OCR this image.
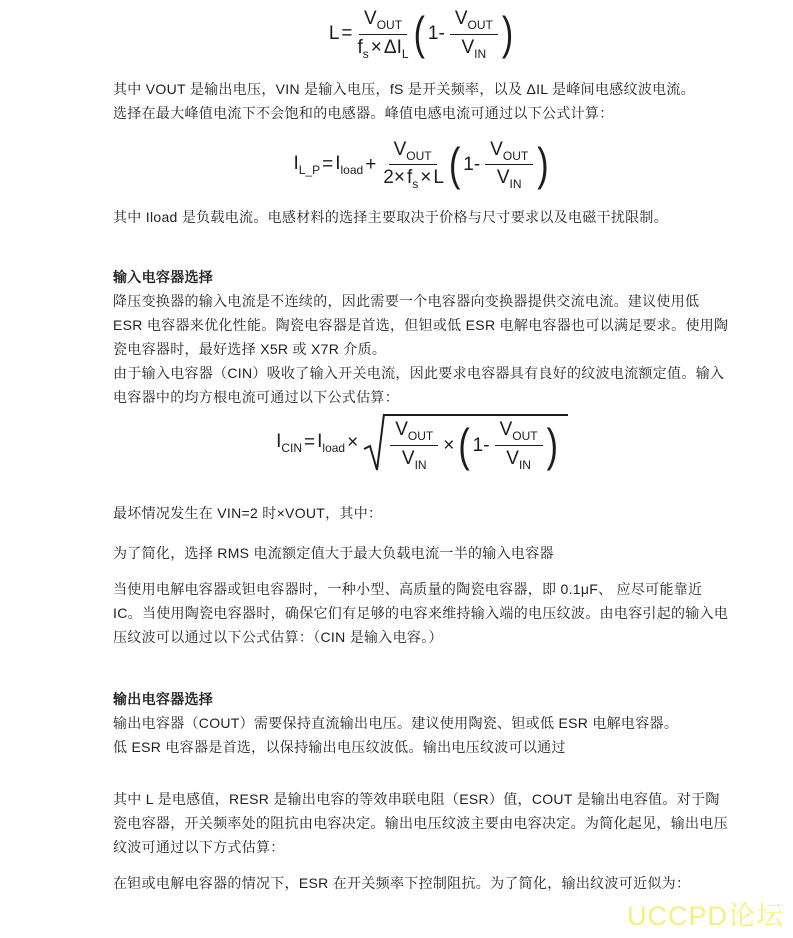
L =
$V_{OUT}$
$f_s \times \Delta I_L$ ( 1-
$V_{OUT}$
$V_{IN}$ )

其中 VOUT 是输出电压，VIN 是输入电压，fS 是开关频率，以及 ΔIL 是峰间电感纹波电流。

选择在最大峰值电流下不会饱和的电感器。峰值电感电流可通过以下公式计算：

$I_{L\_P} = I_{load}$ +
$V_{OUT}$
$2\times f_s \times L$ ( 1-
$V_{OUT}$
$V_{IN}$ )

其中 Iload 是负载电流。电感材料的选择主要取决于价格与尺寸要求以及电磁干扰限制。

输入电容器选择

降压变换器的输入电流是不连续的，因此需要一个电容器向变换器提供交流电流。建议使用低 ESR 电容器来优化性能。陶瓷电容器是首选，但钽或低 ESR 电解电容器也可以满足要求。使用陶瓷电容器时，最好选择 X5R 或 X7R 介质。

由于输入电容器（CIN）吸收了输入开关电流，因此要求电容器具有良好的纹波电流额定值。输入电容器中的均方根电流可通过以下公式估算：

$I_{CIN} = I_{load}$ ×
$V_{OUT}$
$V_{IN}$
× ( 1-
$V_{OUT}$
$V_{IN}$ )

最坏情况发生在 VIN=2 时×VOUT，其中：

为了简化，选择 RMS 电流额定值大于最大负载电流一半的输入电容器

当使用电解电容器或钽电容器时，一种小型、高质量的陶瓷电容器，即 0.1μF、 应尽可能靠近 IC。当使用陶瓷电容器时，确保它们有足够的电容来维持输入端的电压纹波。由电容引起的输入电压纹波可以通过以下公式估算：（CIN 是输入电容。）

输出电容器选择

输出电容器（COUT）需要保持直流输出电压。建议使用陶瓷、钽或低 ESR 电解电容器。

低 ESR 电容器是首选，以保持输出电压纹波低。输出电压纹波可以通过

其中 L 是电感值，RESR 是输出电容的等效串联电阻（ESR）值，COUT 是输出电容值。对于陶瓷电容器，开关频率处的阻抗由电容决定。输出电压纹波主要由电容决定。为简化起见，输出电压纹波可通过以下方式估算：

在钽或电解电容器的情况下，ESR 在开关频率下控制阻抗。为了简化，输出纹波可近似为：

UCCPD论坛
